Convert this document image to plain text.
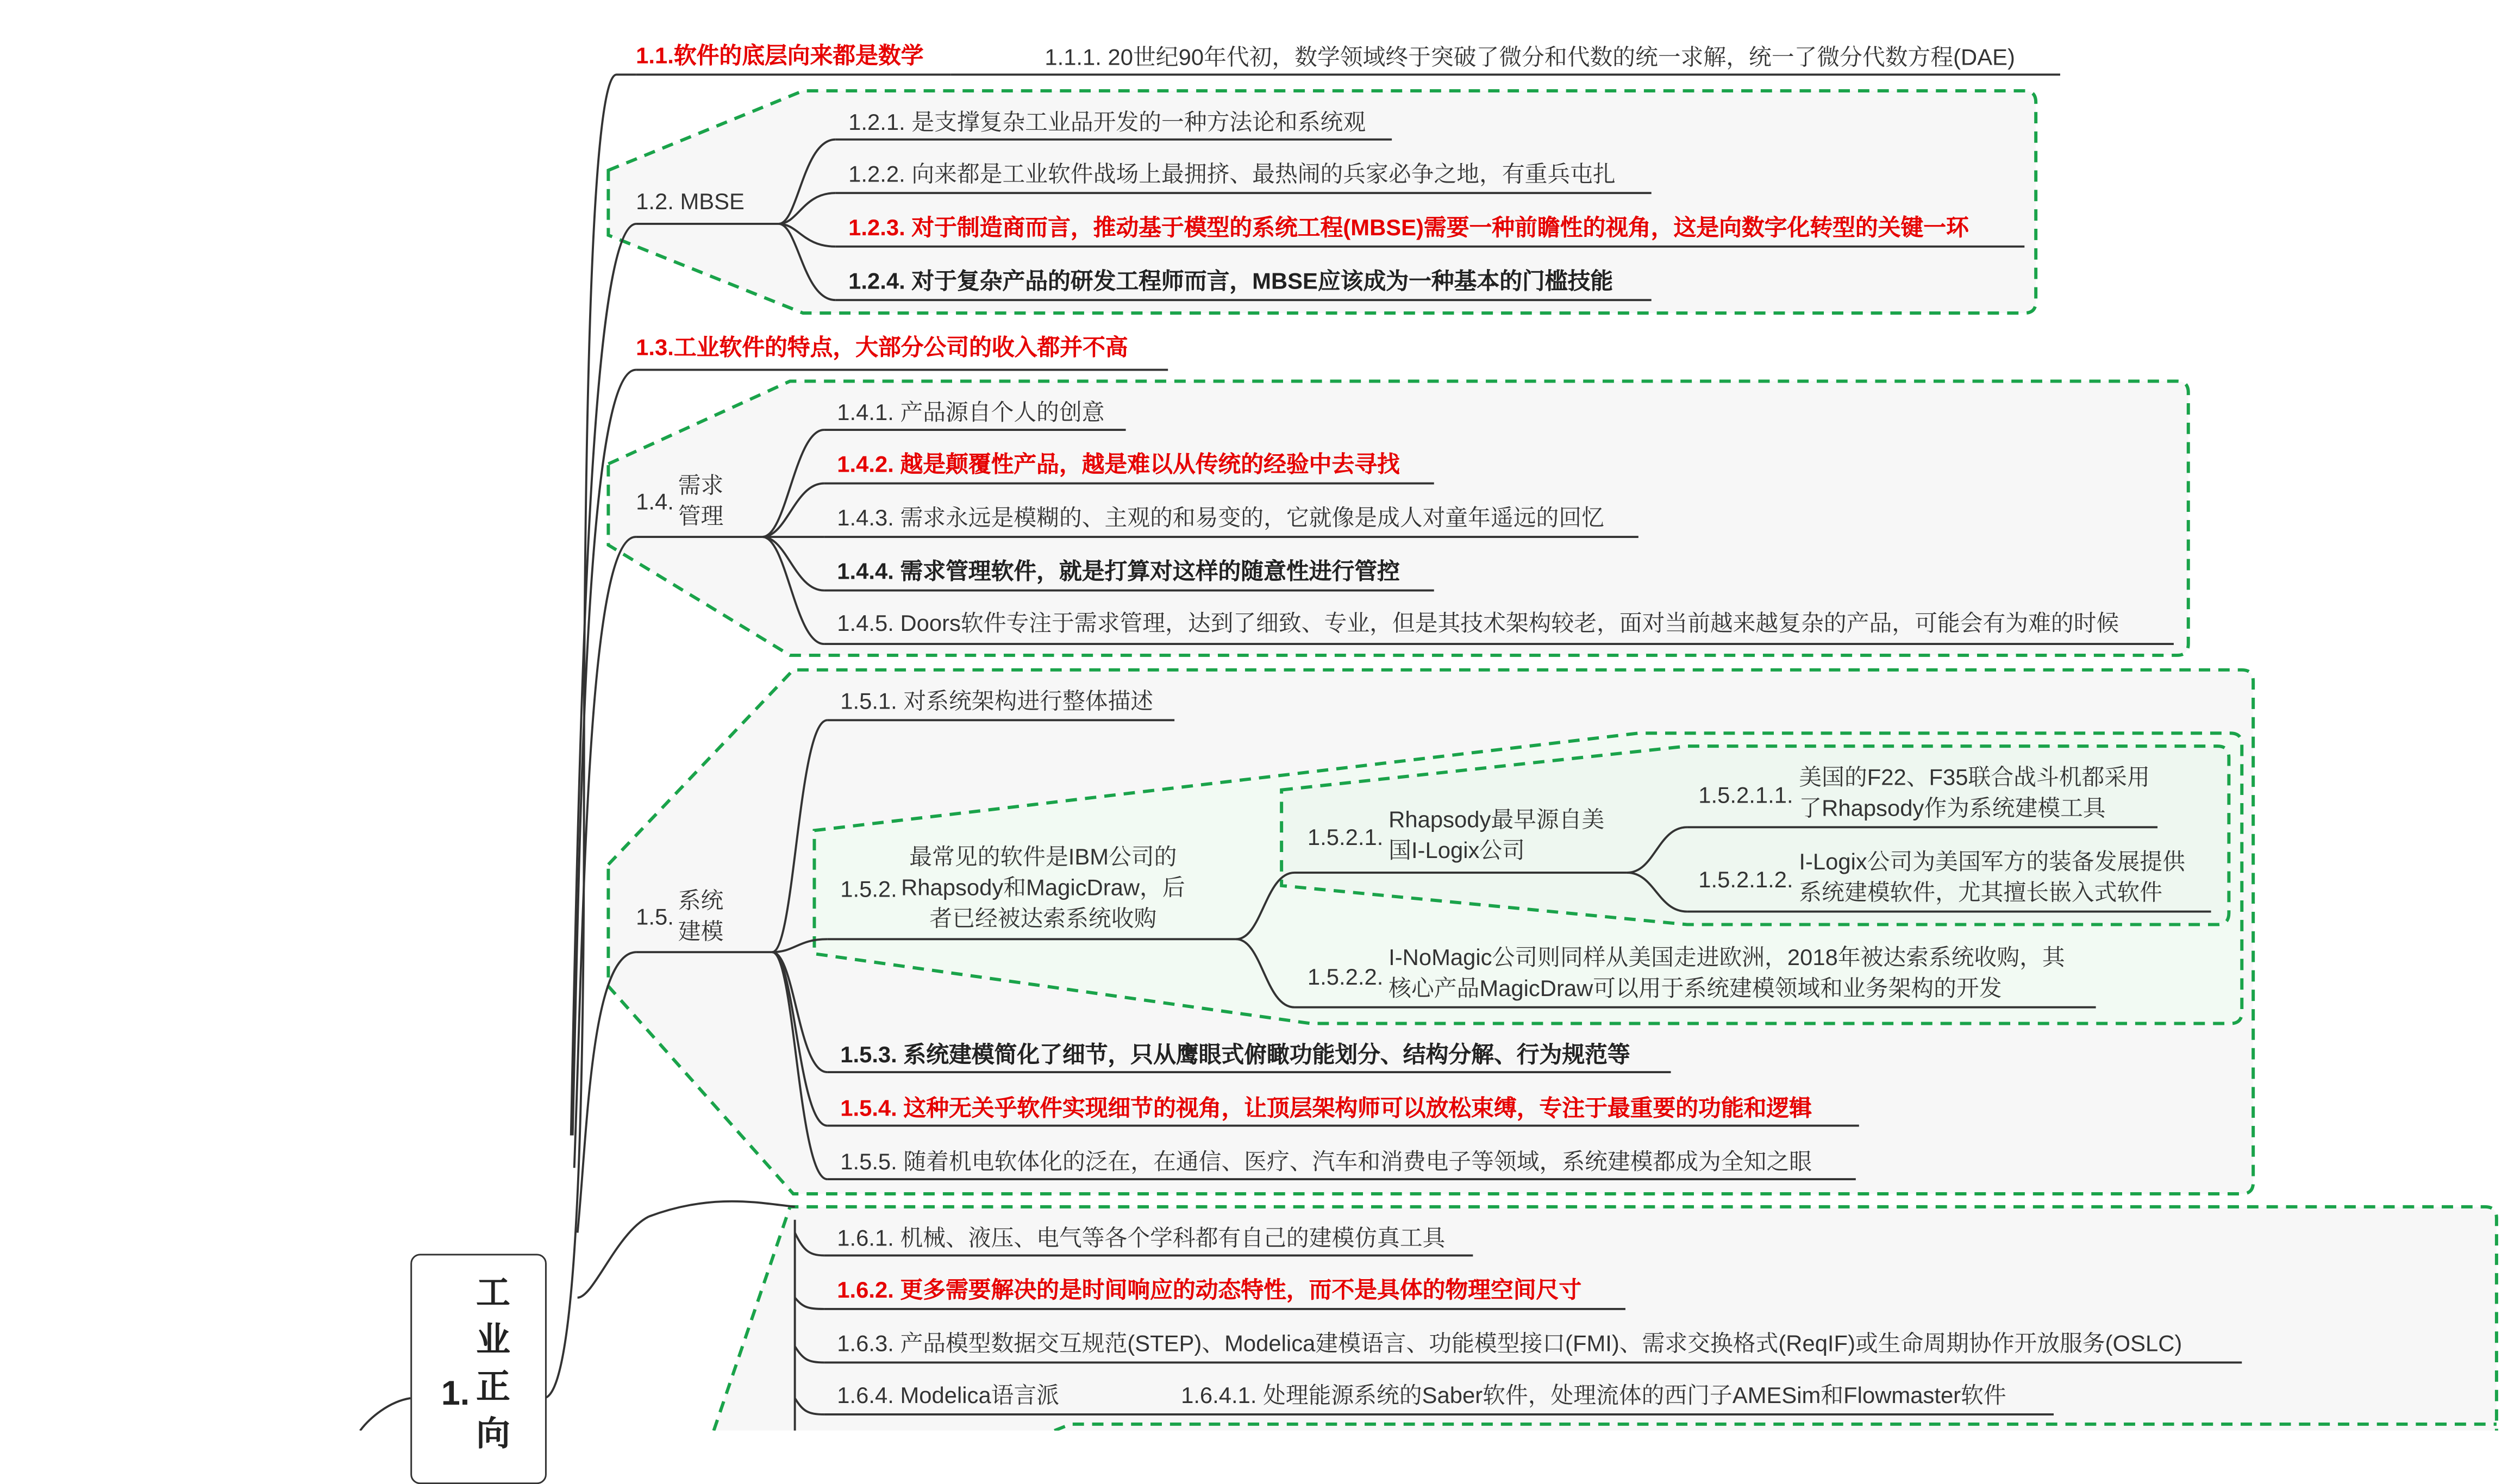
1.
工业正向
1.1.软件的底层向来都是数学	1.1.1. 20世纪90年代初，数学领域终于突破了微分和代数的统一求解，统一了微分代数方程(DAE)
1.2. MBSE
1.2.1. 是支撑复杂工业品开发的一种方法论和系统观
1.2.2. 向来都是工业软件战场上最拥挤、最热闹的兵家必争之地，有重兵屯扎
1.2.3. 对于制造商而言，推动基于模型的系统工程(MBSE)需要一种前瞻性的视角，这是向数字化转型的关键一环
1.2.4. 对于复杂产品的研发工程师而言，MBSE应该成为一种基本的门槛技能
1.3.工业软件的特点，大部分公司的收入都并不高
1.4.
需求管理
1.4.1. 产品源自个人的创意
1.4.2. 越是颠覆性产品，越是难以从传统的经验中去寻找
1.4.3. 需求永远是模糊的、主观的和易变的，它就像是成人对童年遥远的回忆
1.4.4. 需求管理软件，就是打算对这样的随意性进行管控
1.4.5. Doors软件专注于需求管理，达到了细致、专业，但是其技术架构较老，面对当前越来越复杂的产品，可能会有为难的时候
1.5.
系统建模
1.5.1. 对系统架构进行整体描述
1.5.2.
最常见的软件是IBM公司的Rhapsody和MagicDraw，后者已经被达索系统收购
1.5.2.1.
Rhapsody最早源自美国I-Logix公司
1.5.2.1.1.
美国的F22、F35联合战斗机都采用了Rhapsody作为系统建模工具
1.5.2.1.2.
I-Logix公司为美国军方的装备发展提供系统建模软件，尤其擅长嵌入式软件
1.5.2.2.
I-NoMagic公司则同样从美国走进欧洲，2018年被达索系统收购，其核心产品MagicDraw可以用于系统建模领域和业务架构的开发
1.5.3. 系统建模简化了细节，只从鹰眼式俯瞰功能划分、结构分解、行为规范等
1.5.4. 这种无关乎软件实现细节的视角，让顶层架构师可以放松束缚，专注于最重要的功能和逻辑
1.5.5. 随着机电软体化的泛在，在通信、医疗、汽车和消费电子等领域，系统建模都成为全知之眼
1.6.1. 机械、液压、电气等各个学科都有自己的建模仿真工具
1.6.2. 更多需要解决的是时间响应的动态特性，而不是具体的物理空间尺寸
1.6.3. 产品模型数据交互规范(STEP)、Modelica建模语言、功能模型接口(FMI)、需求交换格式(ReqIF)或生命周期协作开放服务(OSLC)
1.6.4. Modelica语言派	1.6.4.1. 处理能源系统的Saber软件，处理流体的西门子AMESim和Flowmaster软件
